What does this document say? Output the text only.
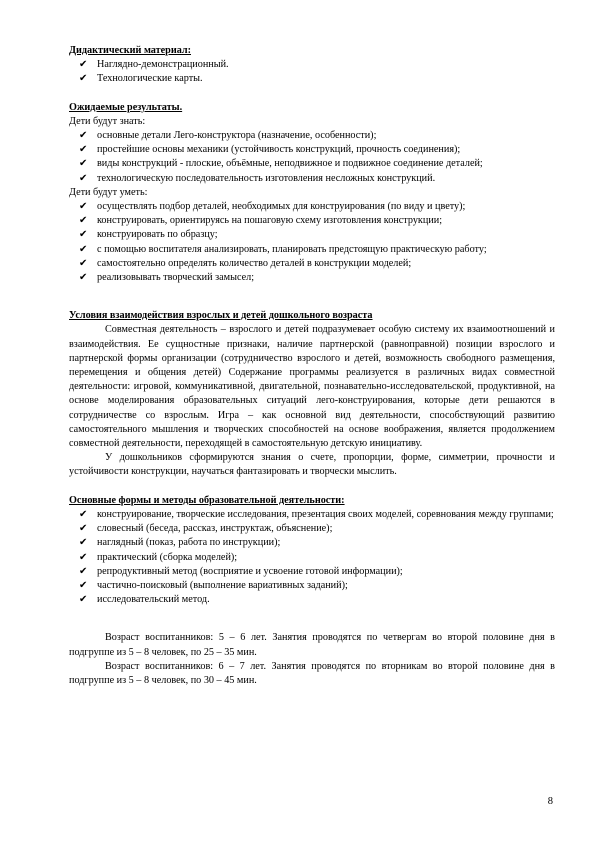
Дидактический материал:
✔ Наглядно-демонстрационный.
✔ Технологические карты.
Ожидаемые результаты.
Дети будут знать:
✔ основные детали Лего-конструктора (назначение, особенности);
✔ простейшие основы механики (устойчивость конструкций, прочность соединения);
✔ виды конструкций - плоские, объёмные, неподвижное и подвижное соединение деталей;
✔ технологическую последовательность изготовления несложных конструкций.
Дети будут уметь:
✔ осуществлять подбор деталей, необходимых для конструирования (по виду и цвету);
✔ конструировать, ориентируясь на пошаговую схему изготовления конструкции;
✔ конструировать по образцу;
✔ с помощью воспитателя анализировать, планировать предстоящую практическую работу;
✔ самостоятельно определять количество деталей в конструкции моделей;
✔ реализовывать творческий замысел;
Условия взаимодействия взрослых и детей дошкольного возраста

Совместная деятельность – взрослого и детей подразумевает особую систему их взаимоотношений и взаимодействия. Ее сущностные признаки, наличие партнерской (равноправной) позиции взрослого и партнерской формы организации (сотрудничество взрослого и детей, возможность свободного размещения, перемещения и общения детей) Содержание программы реализуется в различных видах совместной деятельности: игровой, коммуникативной, двигательной, познавательно-исследовательской, продуктивной, на основе моделирования образовательных ситуаций лего-конструирования, которые дети решаются в сотрудничестве со взрослым. Игра – как основной вид деятельности, способствующий развитию самостоятельного мышления и творческих способностей на основе воображения, является продолжением совместной деятельности, переходящей в самостоятельную детскую инициативу.

У дошкольников сформируются знания о счете, пропорции, форме, симметрии, прочности и устойчивости конструкции, научаться фантазировать и творчески мыслить.

Основные формы и методы образовательной деятельности:
✔ конструирование, творческие исследования, презентация своих моделей, соревнования между группами;
✔ словесный (беседа, рассказ, инструктаж, объяснение);
✔ наглядный (показ, работа по инструкции);
✔ практический (сборка моделей);
✔ репродуктивный метод (восприятие и усвоение готовой информации);
✔ частично-поисковый (выполнение вариативных заданий);
✔ исследовательский метод.

Возраст воспитанников: 5 – 6 лет. Занятия проводятся по четвергам во второй половине дня в подгруппе из 5 – 8 человек, по 25 – 35 мин.

Возраст воспитанников: 6 – 7 лет. Занятия проводятся по вторникам во второй половине дня в подгруппе из 5 – 8 человек, по 30 – 45 мин.

8
